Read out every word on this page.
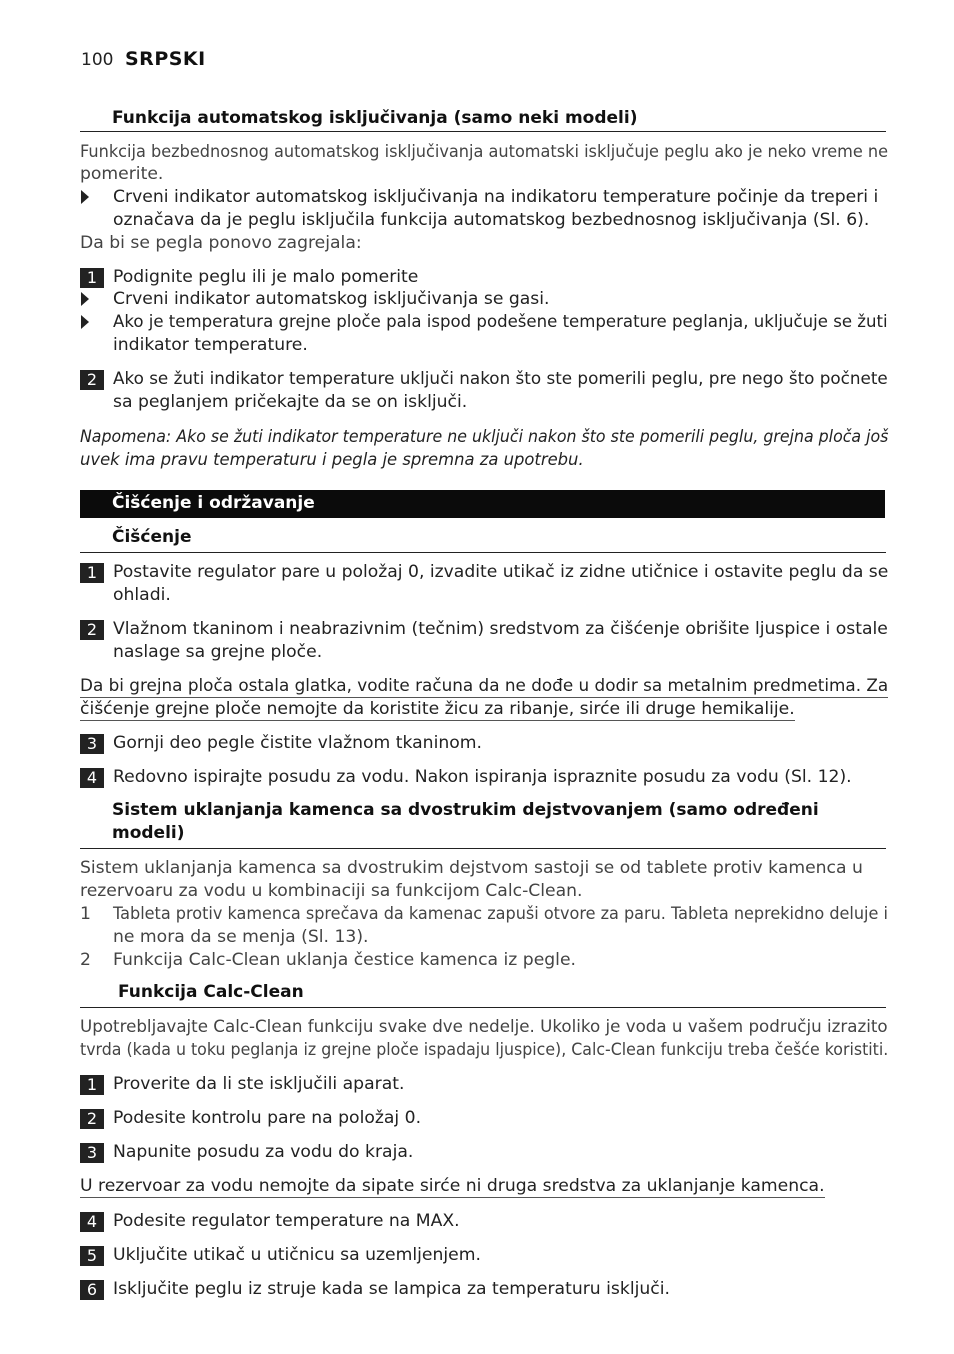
100 SRPSKI
Funkcija automatskog isključivanja (samo neki modeli)
Funkcija bezbednosnog automatskog isključivanja automatski isključuje peglu ako je neko vreme ne
pomerite.
Crveni indikator automatskog isključivanja na indikatoru temperature počinje da treperi i
označava da je peglu isključila funkcija automatskog bezbednosnog isključivanja (Sl. 6).
Da bi se pegla ponovo zagrejala:
1 Podignite peglu ili je malo pomerite
Crveni indikator automatskog isključivanja se gasi.
Ako je temperatura grejne ploče pala ispod podešene temperature peglanja, uključuje se žuti
indikator temperature.
2 Ako se žuti indikator temperature uključi nakon što ste pomerili peglu, pre nego što počnete
sa peglanjem pričekajte da se on isključi.
Napomena: Ako se žuti indikator temperature ne uključi nakon što ste pomerili peglu, grejna ploča još
uvek ima pravu temperaturu i pegla je spremna za upotrebu.
Čišćenje i održavanje
Čišćenje
1 Postavite regulator pare u položaj 0, izvadite utikač iz zidne utičnice i ostavite peglu da se
ohladi.
2 Vlažnom tkaninom i neabrazivnim (tečnim) sredstvom za čišćenje obrišite ljuspice i ostale
naslage sa grejne ploče.
Da bi grejna ploča ostala glatka, vodite računa da ne dođe u dodir sa metalnim predmetima. Za
čišćenje grejne ploče nemojte da koristite žicu za ribanje, sirće ili druge hemikalije.
3 Gornji deo pegle čistite vlažnom tkaninom.
4 Redovno ispirajte posudu za vodu. Nakon ispiranja ispraznite posudu za vodu (Sl. 12).
Sistem uklanjanja kamenca sa dvostrukim dejstvovanjem (samo određeni
modeli)
Sistem uklanjanja kamenca sa dvostrukim dejstvom sastoji se od tablete protiv kamenca u
rezervoaru za vodu u kombinaciji sa funkcijom Calc-Clean.
1 Tableta protiv kamenca sprečava da kamenac zapuši otvore za paru. Tableta neprekidno deluje i
ne mora da se menja (Sl. 13).
2 Funkcija Calc-Clean uklanja čestice kamenca iz pegle.
Funkcija Calc-Clean
Upotrebljavajte Calc-Clean funkciju svake dve nedelje. Ukoliko je voda u vašem području izrazito
tvrda (kada u toku peglanja iz grejne ploče ispadaju ljuspice), Calc-Clean funkciju treba češće koristiti.
1 Proverite da li ste isključili aparat.
2 Podesite kontrolu pare na položaj 0.
3 Napunite posudu za vodu do kraja.
U rezervoar za vodu nemojte da sipate sirće ni druga sredstva za uklanjanje kamenca.
4 Podesite regulator temperature na MAX.
5 Uključite utikač u utičnicu sa uzemljenjem.
6 Isključite peglu iz struje kada se lampica za temperaturu isključi.
